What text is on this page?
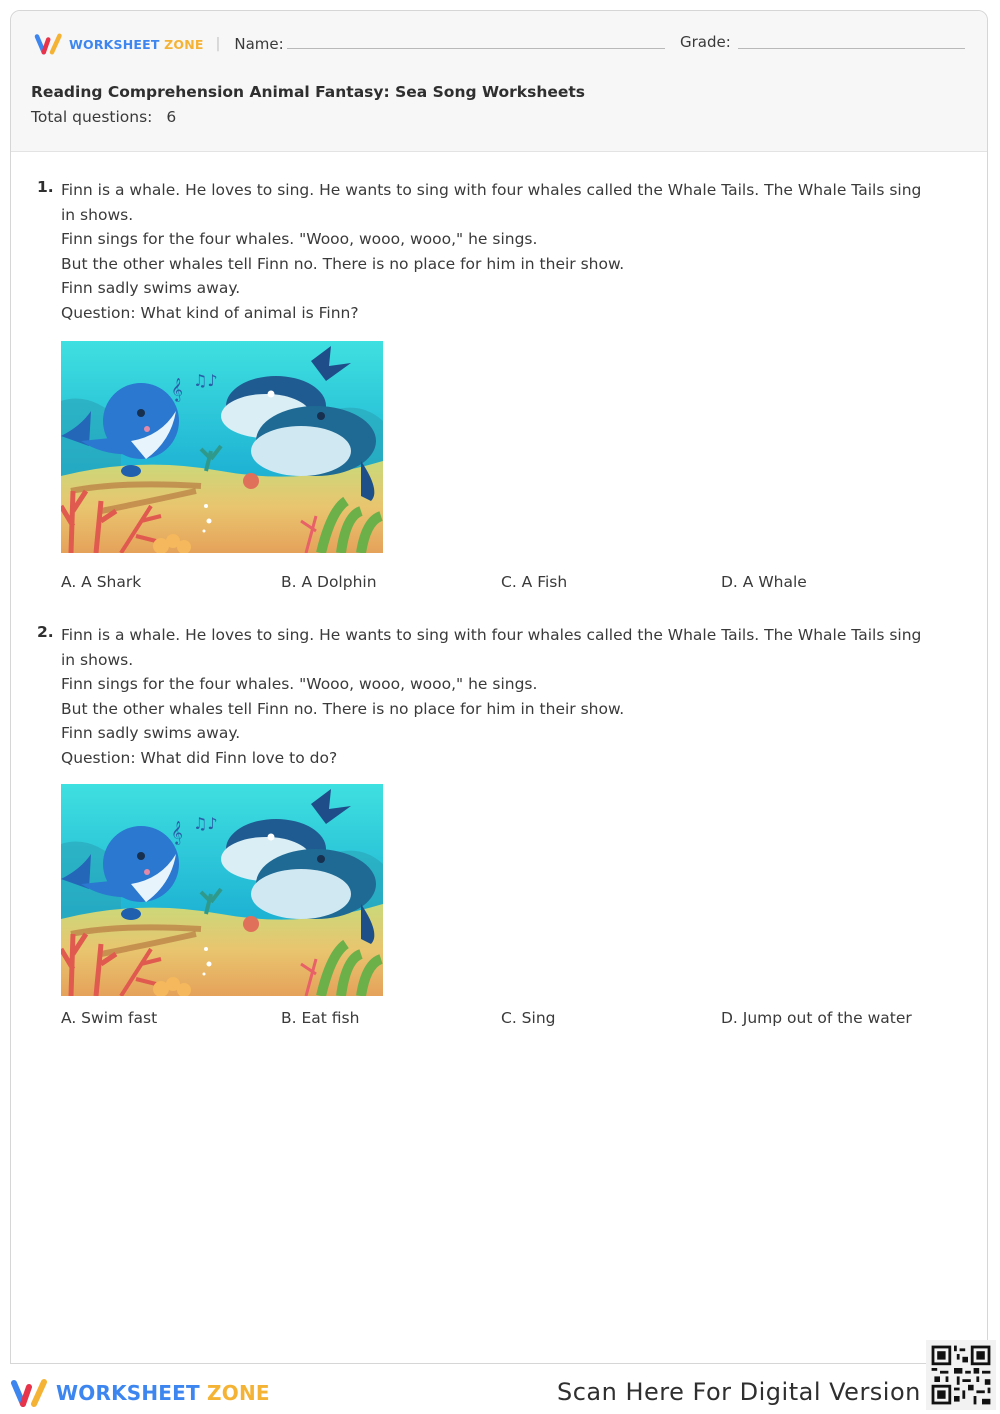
WORKSHEET ZONE | Name:	Grade:
Reading Comprehension Animal Fantasy: Sea Song Worksheets
Total questions: 6
1. Finn is a whale. He loves to sing. He wants to sing with four whales called the Whale Tails. The Whale Tails sing in shows.
Finn sings for the four whales. "Wooo, wooo, wooo," he sings.
But the other whales tell Finn no. There is no place for him in their show.
Finn sadly swims away.
Question: What kind of animal is Finn?
A. A Shark	B. A Dolphin	C. A Fish	D. A Whale
2. Finn is a whale. He loves to sing. He wants to sing with four whales called the Whale Tails. The Whale Tails sing in shows.
Finn sings for the four whales. "Wooo, wooo, wooo," he sings.
But the other whales tell Finn no. There is no place for him in their show.
Finn sadly swims away.
Question: What did Finn love to do?
A. Swim fast	B. Eat fish	C. Sing	D. Jump out of the water
WORKSHEET ZONE	Scan Here For Digital Version
